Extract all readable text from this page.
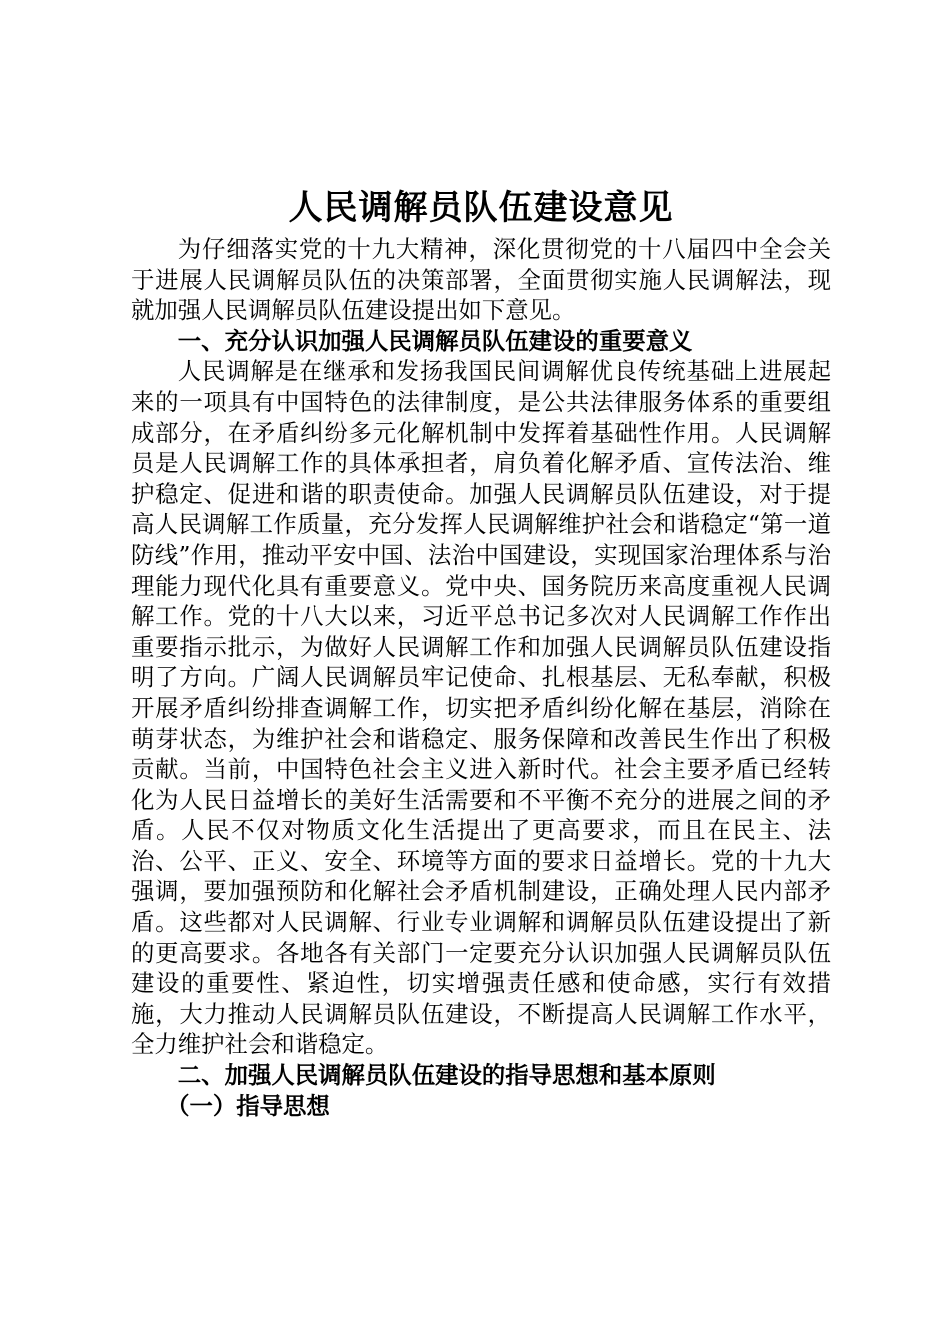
人民调解员队伍建设意见

为仔细落实党的十九大精神，深化贯彻党的十八届四中全会关于进展人民调解员队伍的决策部署，全面贯彻实施人民调解法，现就加强人民调解员队伍建设提出如下意见。

一、充分认识加强人民调解员队伍建设的重要意义

人民调解是在继承和发扬我国民间调解优良传统基础上进展起来的一项具有中国特色的法律制度，是公共法律服务体系的重要组成部分，在矛盾纠纷多元化解机制中发挥着基础性作用。人民调解员是人民调解工作的具体承担者，肩负着化解矛盾、宣传法治、维护稳定、促进和谐的职责使命。加强人民调解员队伍建设，对于提高人民调解工作质量，充分发挥人民调解维护社会和谐稳定“第一道防线”作用，推动平安中国、法治中国建设，实现国家治理体系与治理能力现代化具有重要意义。党中央、国务院历来高度重视人民调解工作。党的十八大以来，习近平总书记多次对人民调解工作作出重要指示批示，为做好人民调解工作和加强人民调解员队伍建设指明了方向。广阔人民调解员牢记使命、扎根基层、无私奉献，积极开展矛盾纠纷排查调解工作，切实把矛盾纠纷化解在基层，消除在萌芽状态，为维护社会和谐稳定、服务保障和改善民生作出了积极贡献。当前，中国特色社会主义进入新时代。社会主要矛盾已经转化为人民日益增长的美好生活需要和不平衡不充分的进展之间的矛盾。人民不仅对物质文化生活提出了更高要求，而且在民主、法治、公平、正义、安全、环境等方面的要求日益增长。党的十九大强调，要加强预防和化解社会矛盾机制建设，正确处理人民内部矛盾。这些都对人民调解、行业专业调解和调解员队伍建设提出了新的更高要求。各地各有关部门一定要充分认识加强人民调解员队伍建设的重要性、紧迫性，切实增强责任感和使命感，实行有效措施，大力推动人民调解员队伍建设，不断提高人民调解工作水平，全力维护社会和谐稳定。

二、加强人民调解员队伍建设的指导思想和基本原则

（一）指导思想
